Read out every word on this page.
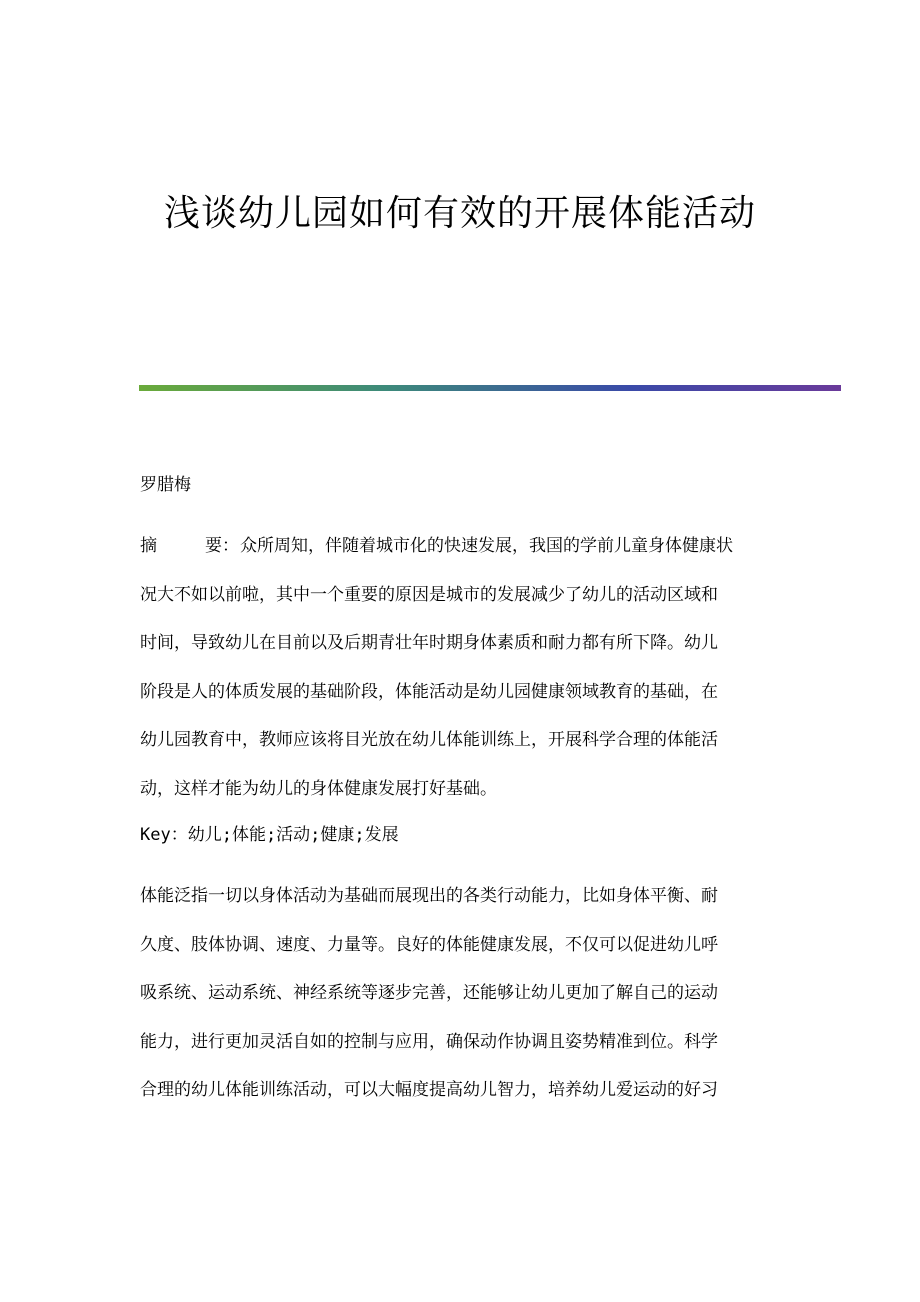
浅谈幼儿园如何有效的开展体能活动

罗腊梅

摘	要：众所周知，伴随着城市化的快速发展，我国的学前儿童身体健康状
况大不如以前啦，其中一个重要的原因是城市的发展减少了幼儿的活动区域和
时间，导致幼儿在目前以及后期青壮年时期身体素质和耐力都有所下降。幼儿
阶段是人的体质发展的基础阶段，体能活动是幼儿园健康领域教育的基础，在
幼儿园教育中，教师应该将目光放在幼儿体能训练上，开展科学合理的体能活
动，这样才能为幼儿的身体健康发展打好基础。

Key：幼儿;体能;活动;健康;发展

体能泛指一切以身体活动为基础而展现出的各类行动能力，比如身体平衡、耐
久度、肢体协调、速度、力量等。良好的体能健康发展，不仅可以促进幼儿呼
吸系统、运动系统、神经系统等逐步完善，还能够让幼儿更加了解自己的运动
能力，进行更加灵活自如的控制与应用，确保动作协调且姿势精准到位。科学
合理的幼儿体能训练活动，可以大幅度提高幼儿智力，培养幼儿爱运动的好习
